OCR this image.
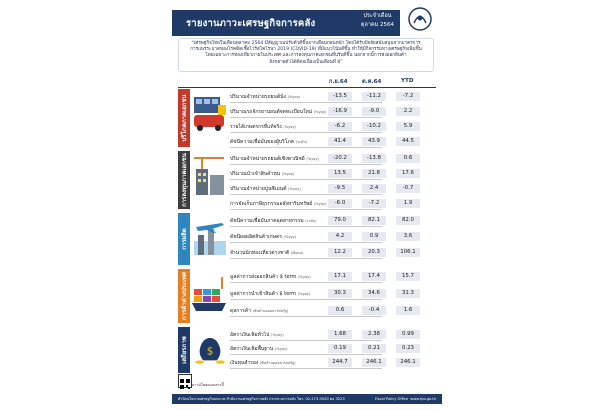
รายงานภาวะเศรษฐกิจการคลัง
ประจำเดือน
ตุลาคม 2564
“เศรษฐกิจไทยในเดือนตุลาคม 2564 มีสัญญาณปรับตัวดีขึ้นจากเดือนก่อนหน้า โดยได้รับปัจจัยสนับสนุนจากมาตรการ
การแพร่ระบาดของโรคติดเชื้อไวรัสโคโรนา 2019 (COVID-19) ที่มีแนวโน้มดีขึ้น ทำให้มีกิจกรรมทางเศรษฐกิจเพิ่มขึ้น
โดยเฉพาะการท่องเที่ยวภายในประเทศ และการลงทุนภาคเอกชนที่ปรับดีขึ้น นอกจากนี้การส่งออกสินค้า
ยังขยายตัวได้ดีต่อเนื่องเป็นเดือนที่ 8”
ก.ย.64	ต.ค.64	YTD
บริโภคภาคเอกชน	ปริมาณจำหน่ายรถยนต์นั่ง (%yoy)	-13.5	-11.2	-7.2
ปริมาณรถจักรยานยนต์จดทะเบียนใหม่ (%yoy)	-16.9	-9.0	2.2
รายได้เกษตรกรที่แท้จริง (%yoy)	-6.2	-10.2	5.9
ดัชนีความเชื่อมั่นของผู้บริโภค (ระดับ)	41.4	43.9	44.5
การลงทุนภาคเอกชน	ปริมาณจำหน่ายรถยนต์เชิงพาณิชย์ (%yoy)	-20.2	-13.8	0.6
ปริมาณนำเข้าสินค้าทุน (%yoy)	13.5	21.8	17.6
ปริมาณจำหน่ายปูนซีเมนต์ (%yoy)	-9.5	2.4	-0.7
การจัดเก็บภาษีธุรกรรมอสังหาริมทรัพย์ (%yoy)	-6.0	-7.2	1.9
การผลิต
ดัชนีความเชื่อมั่นภาคอุตสาหกรรม (ระดับ)	79.0	82.1	82.0
ดัชนีผลผลิตสินค้าเกษตร (%yoy)	4.2	0.9	3.6
จำนวนนักท่องเที่ยวต่างชาติ (พันคน)	12.2	20.3	106.1
การค้าต่างประเทศ	มูลค่าการส่งออกสินค้า $ term (%yoy)	17.1	17.4	15.7
มูลค่าการนำเข้าสินค้า $ term (%yoy)	30.3	34.6	31.3
ดุลการค้า (พันล้านดอลลาร์สหรัฐ)	0.6	-0.4	1.6
เสถียรภาพ $
อัตราเงินเฟ้อทั่วไป (%yoy)	1.68	2.38	0.99
อัตราเงินเฟ้อพื้นฐาน (%yoy)	0.19	0.21	0.23
เงินทุนสำรอง (พันล้านดอลลาร์สหรัฐ)	244.7	246.1	246.1
ดาวน์โหลดเอกสารนี้
สำนักนโยบายเศรษฐกิจมหภาค สำนักงานเศรษฐกิจการคลัง กระทรวงการคลัง โทร. 02-273-9020 ต่อ 3223	Fiscal Policy Office www.fpo.go.th
